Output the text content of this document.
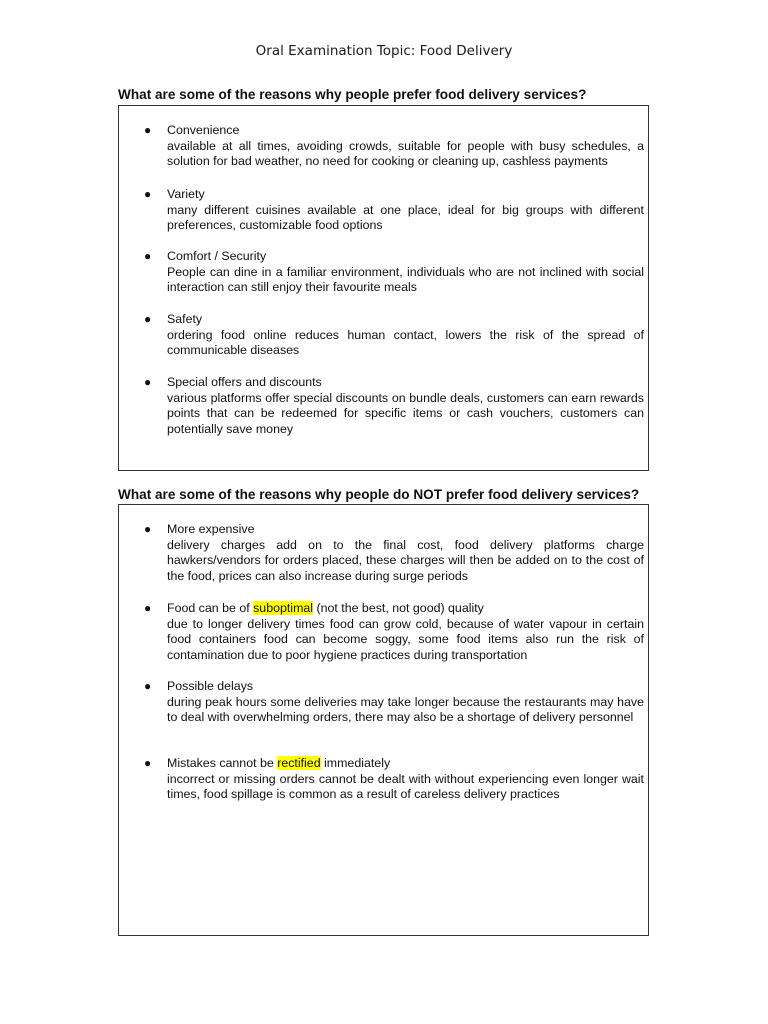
Oral Examination Topic: Food Delivery
What are some of the reasons why people prefer food delivery services?
● Convenience
available at all times, avoiding crowds, suitable for people with busy schedules, a solution for bad weather, no need for cooking or cleaning up, cashless payments
● Variety
many different cuisines available at one place, ideal for big groups with different preferences, customizable food options
● Comfort / Security
People can dine in a familiar environment, individuals who are not inclined with social interaction can still enjoy their favourite meals
● Safety
ordering food online reduces human contact, lowers the risk of the spread of communicable diseases
● Special offers and discounts
various platforms offer special discounts on bundle deals, customers can earn rewards points that can be redeemed for specific items or cash vouchers, customers can potentially save money
What are some of the reasons why people do NOT prefer food delivery services?
● More expensive
delivery charges add on to the final cost, food delivery platforms charge hawkers/vendors for orders placed, these charges will then be added on to the cost of the food, prices can also increase during surge periods
● Food can be of suboptimal (not the best, not good) quality
due to longer delivery times food can grow cold, because of water vapour in certain food containers food can become soggy, some food items also run the risk of contamination due to poor hygiene practices during transportation
● Possible delays
during peak hours some deliveries may take longer because the restaurants may have to deal with overwhelming orders, there may also be a shortage of delivery personnel
● Mistakes cannot be rectified immediately
incorrect or missing orders cannot be dealt with without experiencing even longer wait times, food spillage is common as a result of careless delivery practices
